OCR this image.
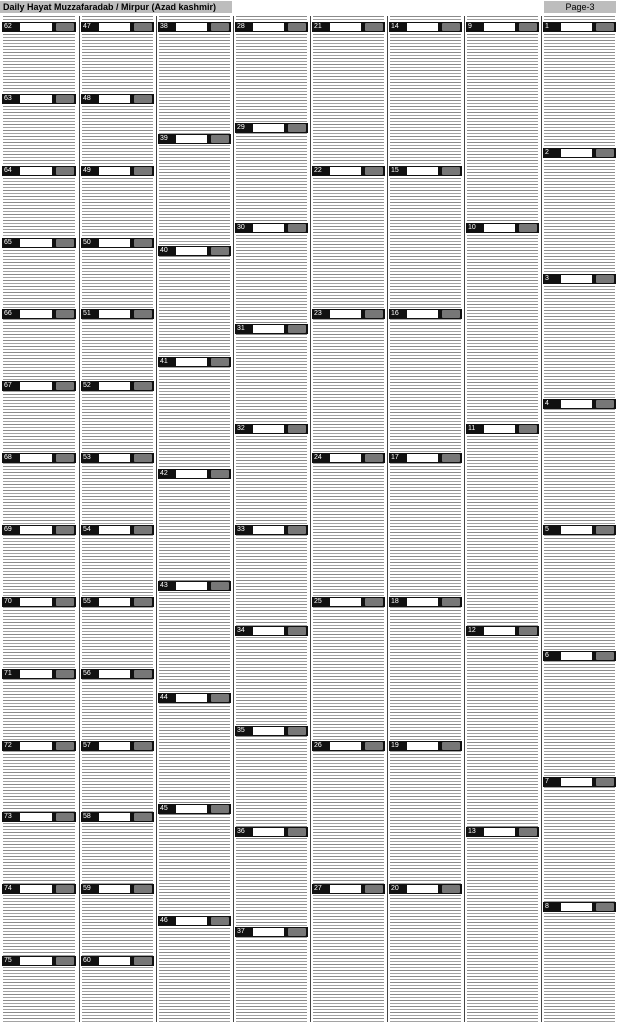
Daily Hayat Muzzafaradab / Mirpur (Azad kashmir)	Page-3
62
63
64
65
66
67
68
69
70
71
72
73
74
75
47
48
49
50
51
52
53
54
55
56
57
58
59
60
38
39
40
41
42
43
44
45
46
28
29
30
31
32
33
34
35
36
37
21
22
23
24
25
26
27
14
15
16
17
18
19
20
9
10
11
12
13
1
2
3
4
5
6
7
8
